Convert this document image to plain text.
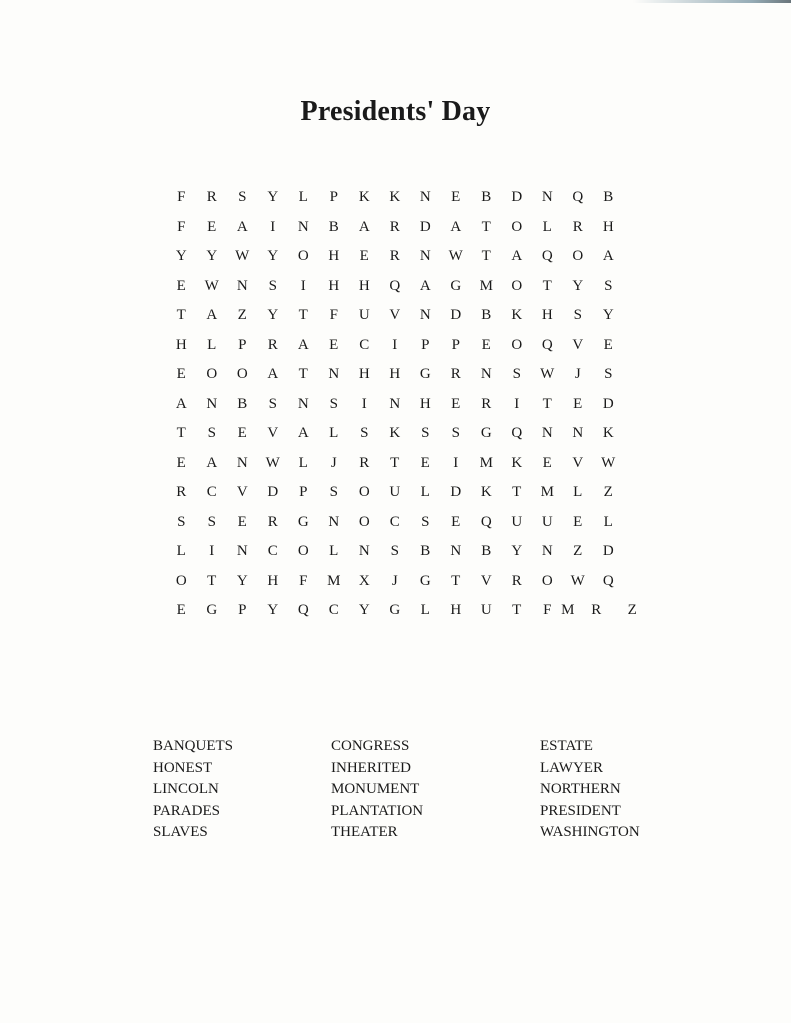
Presidents' Day
F	R	S	Y	L	P	K	K	N	E	B	D	N	Q	B
F	E	A	I	N	B	A	R	D	A	T	O	L	R	H
Y	Y	W	Y	O	H	E	R	N	W	T	A	Q	O	A
E	W	N	S	I	H	H	Q	A	G	M	O	T	Y	S
T	A	Z	Y	T	F	U	V	N	D	B	K	H	S	Y
H	L	P	R	A	E	C	I	P	P	E	O	Q	V	E
E	O	O	A	T	N	H	H	G	R	N	S	W	J	S
A	N	B	S	N	S	I	N	H	E	R	I	T	E	D
T	S	E	V	A	L	S	K	S	S	G	Q	N	N	K
E	A	N	W	L	J	R	T	E	I	M	K	E	V	W
R	C	V	D	P	S	O	U	L	D	K	T	M	L	Z
S	S	E	R	G	N	O	C	S	E	Q	U	U	E	L
L	I	N	C	O	L	N	S	B	N	B	Y	N	Z	D
O	T	Y	H	F	M	X	J	G	T	V	R	O	W	Q
E	G	P	Y	Q	C	Y	G	L	H	U	T	F M	R	Z
BANQUETS
HONEST
LINCOLN
PARADES
SLAVES
CONGRESS
INHERITED
MONUMENT
PLANTATION
THEATER
ESTATE
LAWYER
NORTHERN
PRESIDENT
WASHINGTON
